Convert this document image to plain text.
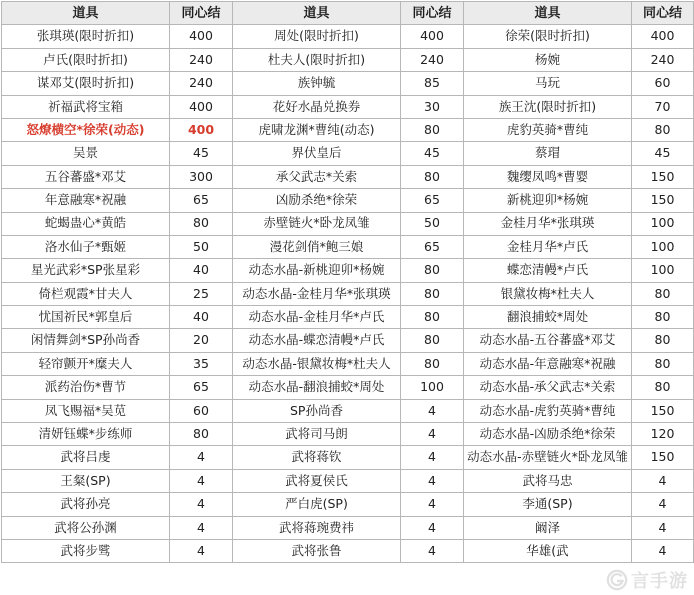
道具	同心结	道具	同心结	道具	同心结
张琪瑛(限时折扣)	400	周处(限时折扣)	400	徐荣(限时折扣)	400
卢氏(限时折扣)	240	杜夫人(限时折扣)	240	杨婉	240
谋邓艾(限时折扣)	240	族钟毓	85	马玩	60
祈福武将宝箱	400	花好水晶兑换券	30	族王沈(限时折扣)	70
怒燎横空*徐荣(动态)	400	虎啸龙渊*曹纯(动态)	80	虎豹英骑*曹纯	80
吴景	45	界伏皇后	45	蔡瑁	45
五谷蕃盛*邓艾	300	承父武志*关索	80	魏缨凤鸣*曹婴	150
年意融寒*祝融	65	凶励杀绝*徐荣	65	新桃迎卯*杨婉	150
蛇蝎蛊心*黄皓	80	赤壁链火*卧龙凤雏	50	金桂月华*张琪瑛	100
洛水仙子*甄姬	50	漫花剑俏*鲍三娘	65	金桂月华*卢氏	100
星光武彩*SP张星彩	40	动态水晶-新桃迎卯*杨婉	80	蝶恋清幔*卢氏	100
倚栏观霞*甘夫人	25	动态水晶-金桂月华*张琪瑛	80	银黛妆梅*杜夫人	80
忧国祈民*郭皇后	40	动态水晶-金桂月华*卢氏	80	翻浪捕蛟*周处	80
闲情舞剑*SP孙尚香	20	动态水晶-蝶恋清幔*卢氏	80	动态水晶-五谷蕃盛*邓艾	80
轻帘颤开*糜夫人	35	动态水晶-银黛妆梅*杜夫人	80	动态水晶-年意融寒*祝融	80
派药治伤*曹节	65	动态水晶-翻浪捕蛟*周处	100	动态水晶-承父武志*关索	80
凤飞赐福*吴苋	60	SP孙尚香	4	动态水晶-虎豹英骑*曹纯	150
清妍钰蝶*步练师	80	武将司马朗	4	动态水晶-凶励杀绝*徐荣	120
武将吕虔	4	武将蒋钦	4	动态水晶-赤壁链火*卧龙凤雏	150
王粲(SP)	4	武将夏侯氏	4	武将马忠	4
武将孙亮	4	严白虎(SP)	4	李通(SP)	4
武将公孙渊	4	武将蒋琬费祎	4	阚泽	4
武将步骘	4	武将张鲁	4	华雄(武	4
言手游
